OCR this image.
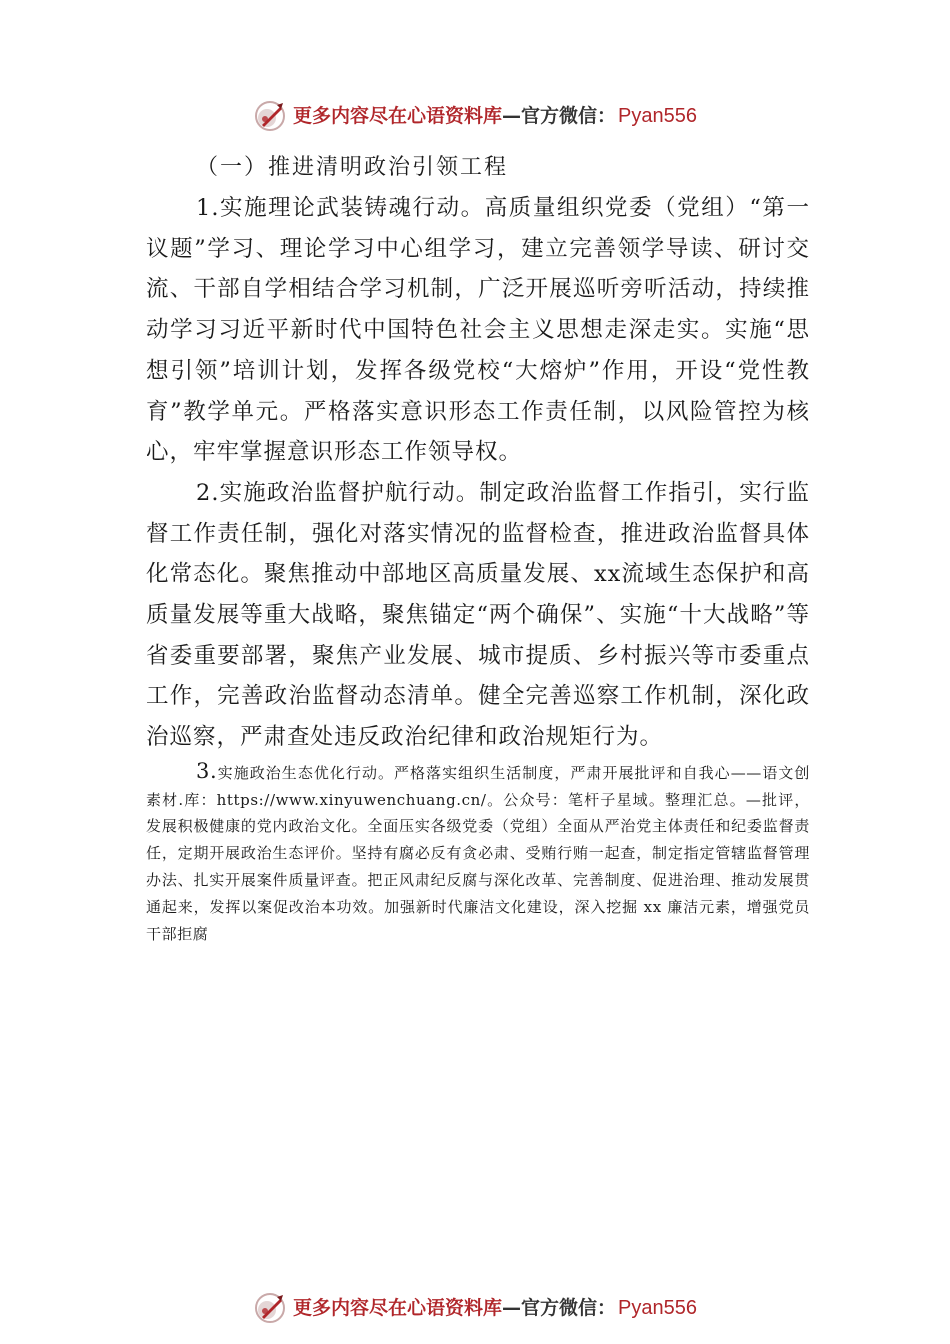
更多内容尽在心语资料库 —官方微信： Pyan556
（一）推进清明政治引领工程

1.实施理论武装铸魂行动。高质量组织党委（党组）“第一议题”学习、理论学习中心组学习，建立完善领学导读、研讨交流、干部自学相结合学习机制，广泛开展巡听旁听活动，持续推动学习习近平新时代中国特色社会主义思想走深走实。实施“思想引领”培训计划，发挥各级党校“大熔炉”作用，开设“党性教育”教学单元。严格落实意识形态工作责任制，以风险管控为核心，牢牢掌握意识形态工作领导权。

2.实施政治监督护航行动。制定政治监督工作指引，实行监督工作责任制，强化对落实情况的监督检查，推进政治监督具体化常态化。聚焦推动中部地区高质量发展、xx流域生态保护和高质量发展等重大战略，聚焦锚定“两个确保”、实施“十大战略”等省委重要部署，聚焦产业发展、城市提质、乡村振兴等市委重点工作，完善政治监督动态清单。健全完善巡察工作机制，深化政治巡察，严肃查处违反政治纪律和政治规矩行为。

3.实施政治生态优化行动。严格落实组织生活制度，严肃开展批评和自我心——语文创素材.库：https://www.xinyuwenchuang.cn/。公众号：笔杆子星域。整理汇总。—批评，发展积极健康的党内政治文化。全面压实各级党委（党组）全面从严治党主体责任和纪委监督责任，定期开展政治生态评价。坚持有腐必反有贪必肃、受贿行贿一起查，制定指定管辖监督管理办法、扎实开展案件质量评查。把正风肃纪反腐与深化改革、完善制度、促进治理、推动发展贯通起来，发挥以案促改治本功效。加强新时代廉洁文化建设，深入挖掘 xx 廉洁元素，增强党员干部拒腐

更多内容尽在心语资料库 —官方微信： Pyan556
